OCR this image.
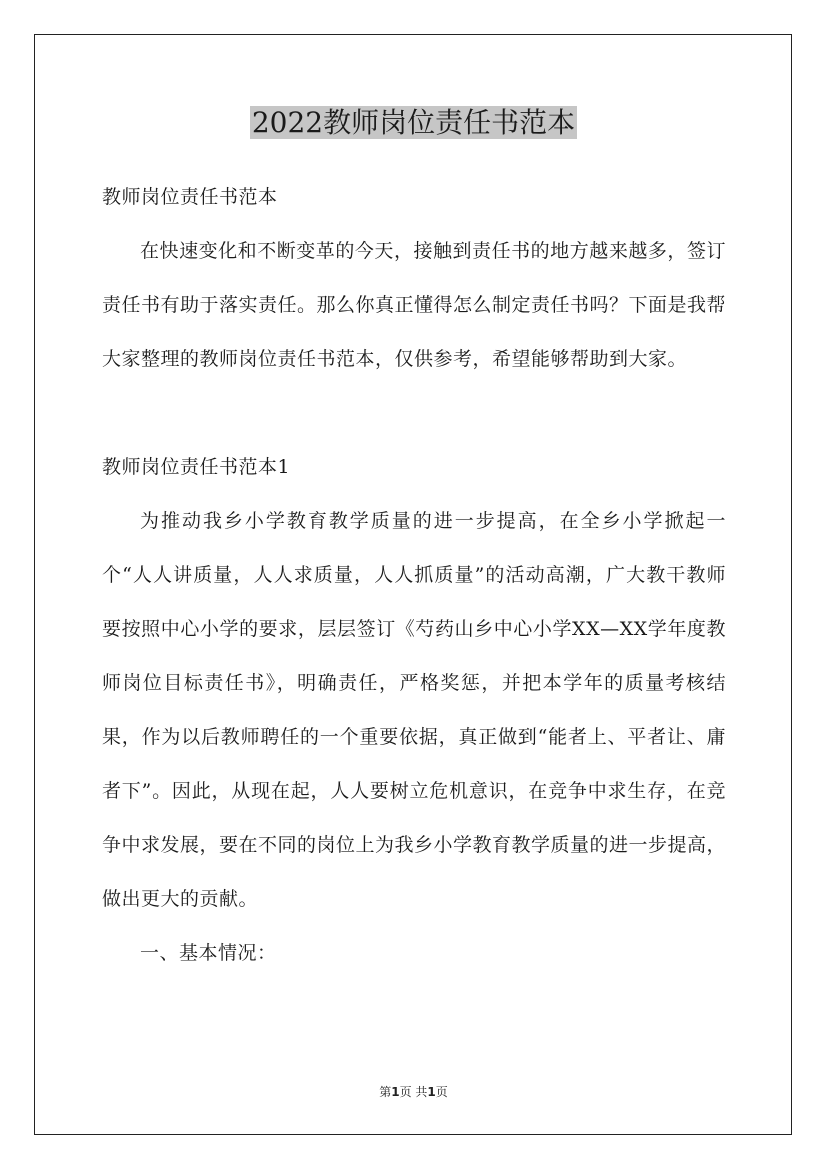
2022教师岗位责任书范本

教师岗位责任书范本

在快速变化和不断变革的今天，接触到责任书的地方越来越多，签订责任书有助于落实责任。那么你真正懂得怎么制定责任书吗？下面是我帮大家整理的教师岗位责任书范本，仅供参考，希望能够帮助到大家。

教师岗位责任书范本1

为推动我乡小学教育教学质量的进一步提高，在全乡小学掀起一个“人人讲质量，人人求质量，人人抓质量”的活动高潮，广大教干教师要按照中心小学的要求，层层签订《芍药山乡中心小学XX—XX学年度教师岗位目标责任书》，明确责任，严格奖惩，并把本学年的质量考核结果，作为以后教师聘任的一个重要依据，真正做到“能者上、平者让、庸者下”。因此，从现在起，人人要树立危机意识，在竞争中求生存，在竞争中求发展，要在不同的岗位上为我乡小学教育教学质量的进一步提高，做出更大的贡献。

一、基本情况：

第1页 共1页
